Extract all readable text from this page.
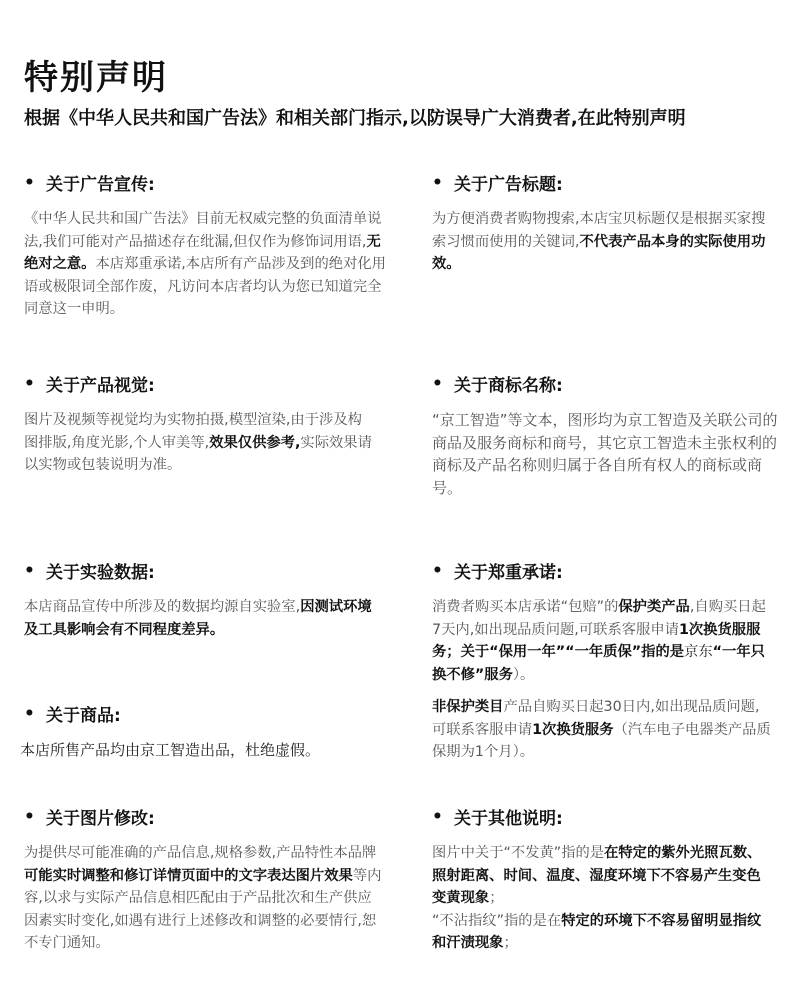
特别声明
根据《中华人民共和国广告法》和相关部门指示,以防误导广大消费者,在此特别声明
• 关于广告宣传:
《中华人民共和国广告法》目前无权威完整的负面清单说法,我们可能对产品描述存在纰漏,但仅作为修饰词用语,无绝对之意。本店郑重承诺,本店所有产品涉及到的绝对化用语或极限词全部作废，凡访问本店者均认为您已知道完全同意这一申明。
• 关于广告标题:
为方便消费者购物搜索,本店宝贝标题仅是根据买家搜索习惯而使用的关键词,不代表产品本身的实际使用功效。
• 关于产品视觉:
图片及视频等视觉均为实物拍摄,模型渲染,由于涉及构图排版,角度光影,个人审美等,效果仅供参考,实际效果请以实物或包装说明为准。
• 关于商标名称:
“京工智造”等文本，图形均为京工智造及关联公司的商品及服务商标和商号，其它京工智造未主张权利的商标及产品名称则归属于各自所有权人的商标或商号。
• 关于实验数据:
本店商品宣传中所涉及的数据均源自实验室,因测试环境及工具影响会有不同程度差异。
• 关于郑重承诺:
消费者购买本店承诺“包赔”的保护类产品,自购买日起7天内,如出现品质问题,可联系客服申请1次换货服服务；关于“保用一年”“一年质保”指的是京东“一年只换不修”服务）。
非保护类目产品自购买日起30日内,如出现品质问题,可联系客服申请1次换货服务（汽车电子电器类产品质保期为1个月）。
• 关于商品:
本店所售产品均由京工智造出品，杜绝虚假。
• 关于图片修改:
为提供尽可能准确的产品信息,规格参数,产品特性本品牌 可能实时调整和修订详情页面中的文字表达图片效果等内容,以求与实际产品信息相匹配由于产品批次和生产供应因素实时变化,如遇有进行上述修改和调整的必要情行,恕不专门通知。
• 关于其他说明:
图片中关于“不发黄”指的是在特定的紫外光照瓦数、照射距离、时间、温度、湿度环境下不容易产生变色变黄现象；
“不沾指纹”指的是在特定的环境下不容易留明显指纹和汗渍现象；
